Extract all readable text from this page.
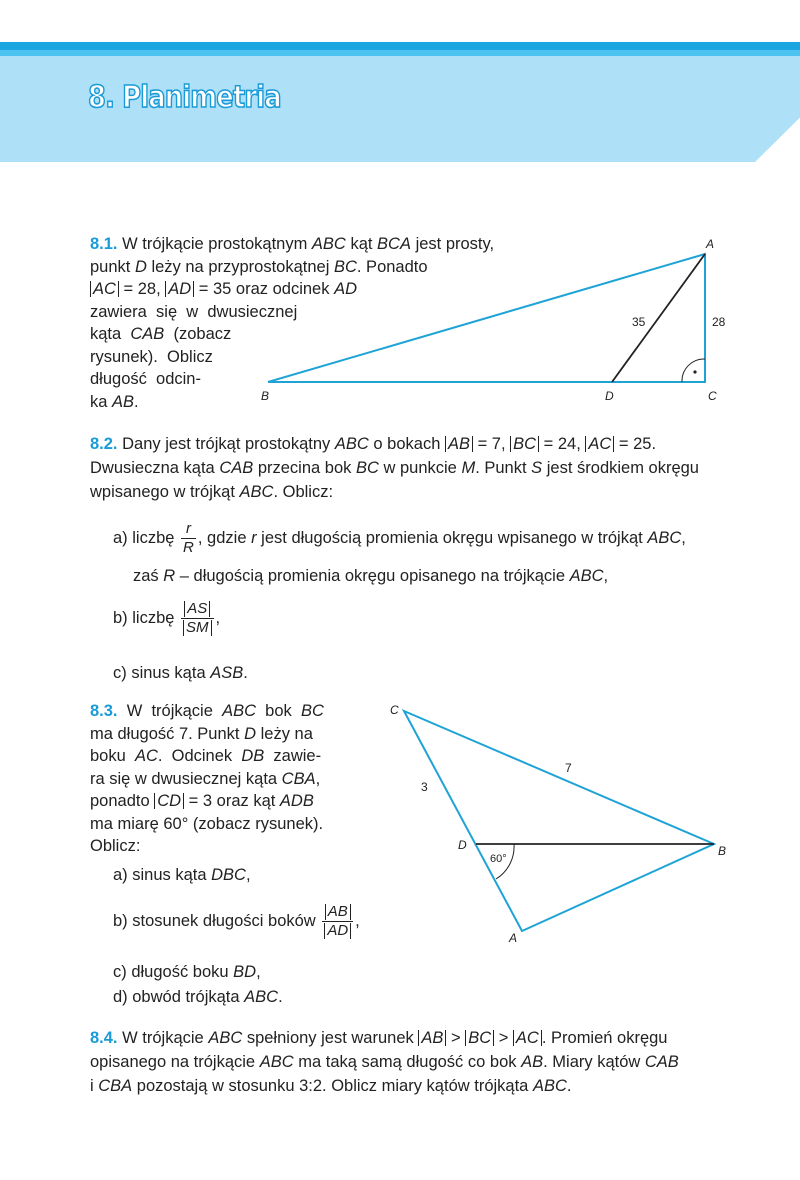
8. Planimetria
8.1. W trójkącie prostokątnym ABC kąt BCA jest prosty,
punkt D leży na przyprostokątnej BC. Ponadto
AC = 28, AD = 35 oraz odcinek AD
zawiera  się  w  dwusiecznej
kąta  CAB  (zobacz
rysunek).  Oblicz
długość  odcin-
ka AB.
A
B	C
D
35	28
C
B
A
D
3
7
60°
8.2. Dany jest trójkąt prostokątny ABC o bokach AB = 7, BC = 24, AC = 25.
Dwusieczna kąta CAB przecina bok BC w punkcie M. Punkt S jest środkiem okręgu
wpisanego w trójkąt ABC. Oblicz:
a) liczbę $\frac{r}{R}$ , gdzie r jest długością promienia okręgu wpisanego w trójkąt ABC,
zaś R – długością promienia okręgu opisanego na trójkącie ABC,
b) liczbę $\frac{AS}{SM}$ ,
c) sinus kąta ASB.
8.3.  W  trójkącie  ABC  bok  BC
ma długość 7. Punkt D leży na
boku  AC.  Odcinek  DB  zawie-
ra się w dwusiecznej kąta CBA,
ponadto CD = 3 oraz kąt ADB
ma miarę 60° (zobacz rysunek).
Oblicz:
a) sinus kąta DBC,
b) stosunek długości boków $\frac{AB}{AD}$ ,
c) długość boku BD,
d) obwód trójkąta ABC.
8.4. W trójkącie ABC spełniony jest warunek AB > BC > AC . Promień okręgu
opisanego na trójkącie ABC ma taką samą długość co bok AB. Miary kątów CAB
i CBA pozostają w stosunku 3:2. Oblicz miary kątów trójkąta ABC.
